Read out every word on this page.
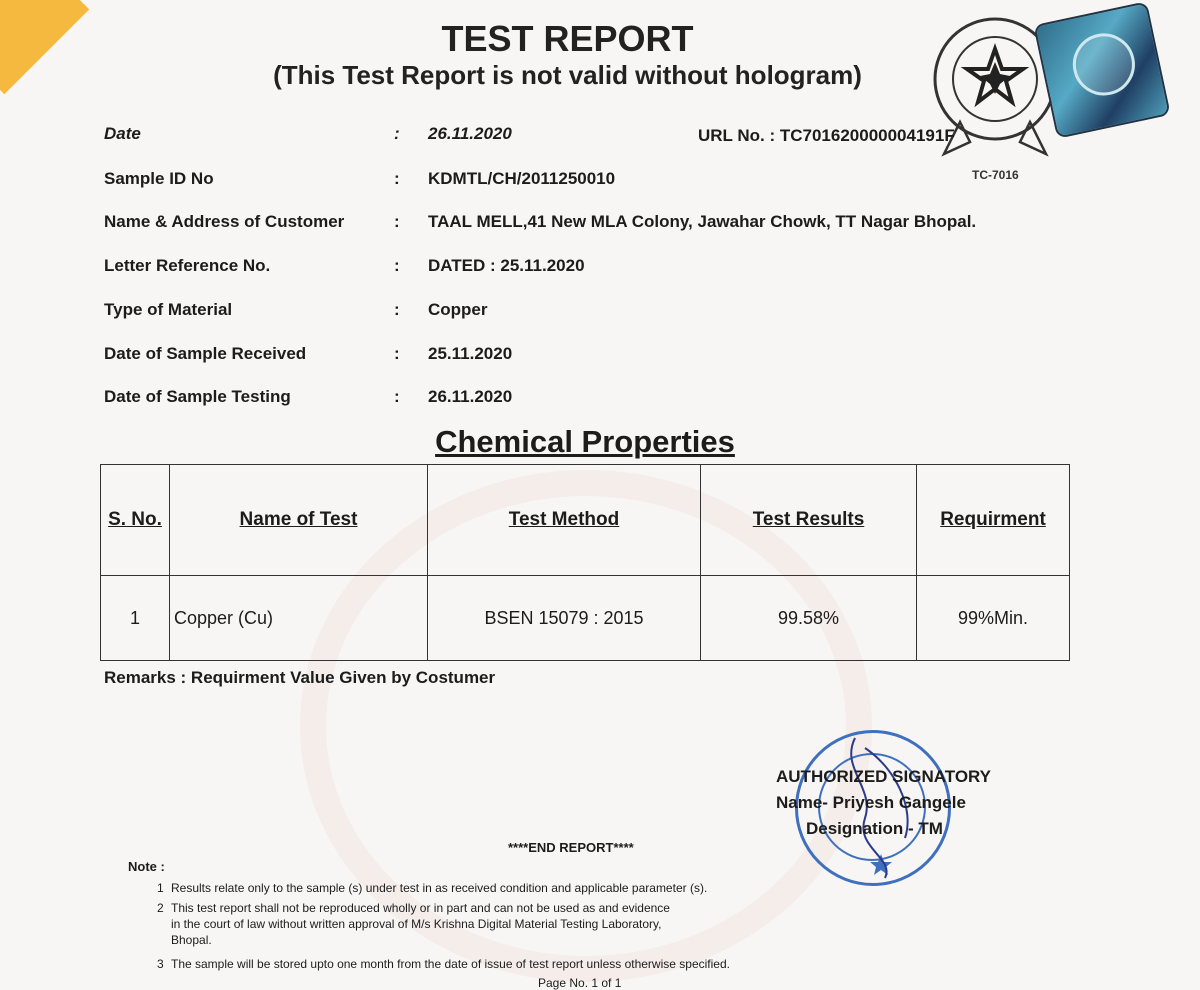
TEST REPORT
(This Test Report is not valid without hologram)
TC-7016
Date	: 26.11.2020	URL No. : TC701620000004191F
Sample ID No	: KDMTL/CH/2011250010
Name & Address of Customer	: TAAL MELL,41 New MLA Colony, Jawahar Chowk, TT Nagar Bhopal.
Letter Reference No.	: DATED : 25.11.2020
Type of Material	: Copper
Date of Sample Received	: 25.11.2020
Date of Sample Testing	: 26.11.2020
Chemical Properties
S. No.	Name of Test	Test Method	Test Results	Requirment
1	Copper (Cu)	BSEN 15079 : 2015	99.58%	99%Min.
Remarks : Requirment Value Given by Costumer
AUTHORIZED SIGNATORY
Name- Priyesh Gangele
Designation - TM
****END REPORT****
Note :
1 Results relate only to the sample (s) under test in as received condition and applicable parameter (s).
2 This test report shall not be reproduced wholly or in part and can not be used as and evidence in the court of law without written approval of M/s Krishna Digital Material Testing Laboratory, Bhopal.
3 The sample will be stored upto one month from the date of issue of test report unless otherwise specified.
Page No. 1 of 1
